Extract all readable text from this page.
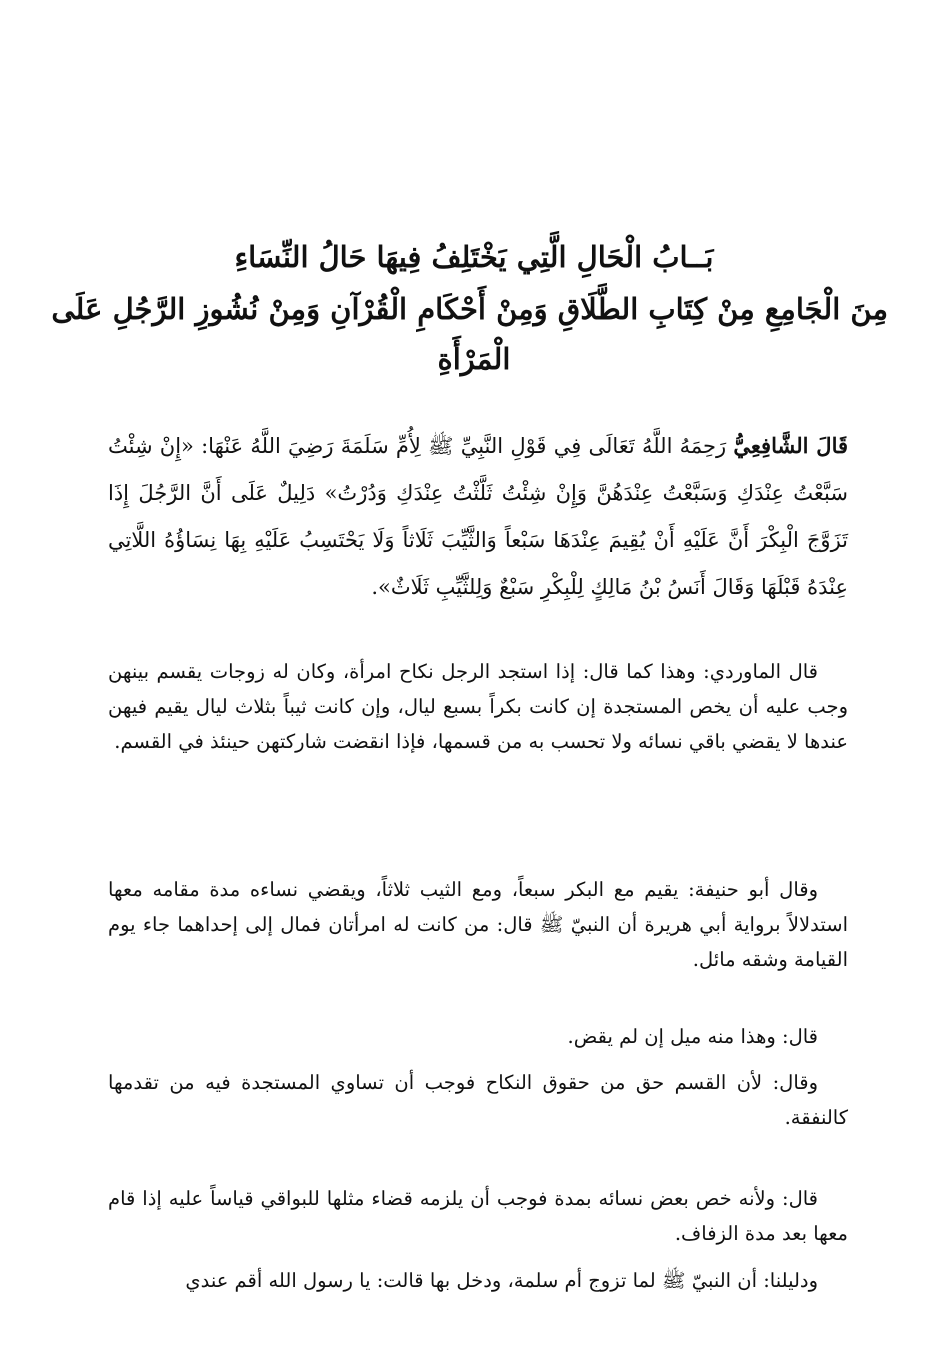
بَــابُ الْحَالِ الَّتِي يَخْتَلِفُ فِيهَا حَالُ النِّسَاءِ
مِنَ الْجَامِعِ مِنْ كِتَابِ الطَّلَاقِ وَمِنْ أَحْكَامِ الْقُرْآنِ وَمِنْ نُشُوزِ الرَّجُلِ عَلَى
الْمَرْأَةِ
قَالَ الشَّافِعِيُّ رَحِمَهُ اللَّهُ تَعَالَى فِي قَوْلِ النَّبِيِّ ﷺ لِأُمِّ سَلَمَةَ رَضِيَ اللَّهُ عَنْهَا: «إِنْ شِئْتُ سَبَّعْتُ عِنْدَكِ وَسَبَّعْتُ عِنْدَهُنَّ وَإِنْ شِئْتُ ثَلَّثْتُ عِنْدَكِ وَدُرْتُ» دَلِيلٌ عَلَى أَنَّ الرَّجُلَ إِذَا تَزَوَّجَ الْبِكْرَ أَنَّ عَلَيْهِ أَنْ يُقِيمَ عِنْدَهَا سَبْعاً وَالثَّيِّبَ ثَلَاثاً وَلَا يَحْتَسِبُ عَلَيْهِ بِهَا نِسَاؤُهُ اللَّاتِي عِنْدَهُ قَبْلَهَا وَقَالَ أَنَسُ بْنُ مَالِكٍ لِلْبِكْرِ سَبْعٌ وَلِلثَّيِّبِ ثَلَاثٌ».
قال الماوردي: وهذا كما قال: إذا استجد الرجل نكاح امرأة، وكان له زوجات يقسم بينهن وجب عليه أن يخص المستجدة إن كانت بكراً بسبع ليال، وإن كانت ثيباً بثلاث ليال يقيم فيهن عندها لا يقضي باقي نسائه ولا تحسب به من قسمها، فإذا انقضت شاركتهن حينئذ في القسم.
وقال أبو حنيفة: يقيم مع البكر سبعاً، ومع الثيب ثلاثاً، ويقضي نساءه مدة مقامه معها استدلالاً برواية أبي هريرة أن النبيّ ﷺ قال: من كانت له امرأتان فمال إلى إحداهما جاء يوم القيامة وشقه مائل.
قال: وهذا منه ميل إن لم يقض.
وقال: لأن القسم حق من حقوق النكاح فوجب أن تساوي المستجدة فيه من تقدمها كالنفقة.
قال: ولأنه خص بعض نسائه بمدة فوجب أن يلزمه قضاء مثلها للبواقي قياساً عليه إذا قام معها بعد مدة الزفاف.
ودليلنا: أن النبيّ ﷺ لما تزوج أم سلمة، ودخل بها قالت: يا رسول الله أقم عندي
